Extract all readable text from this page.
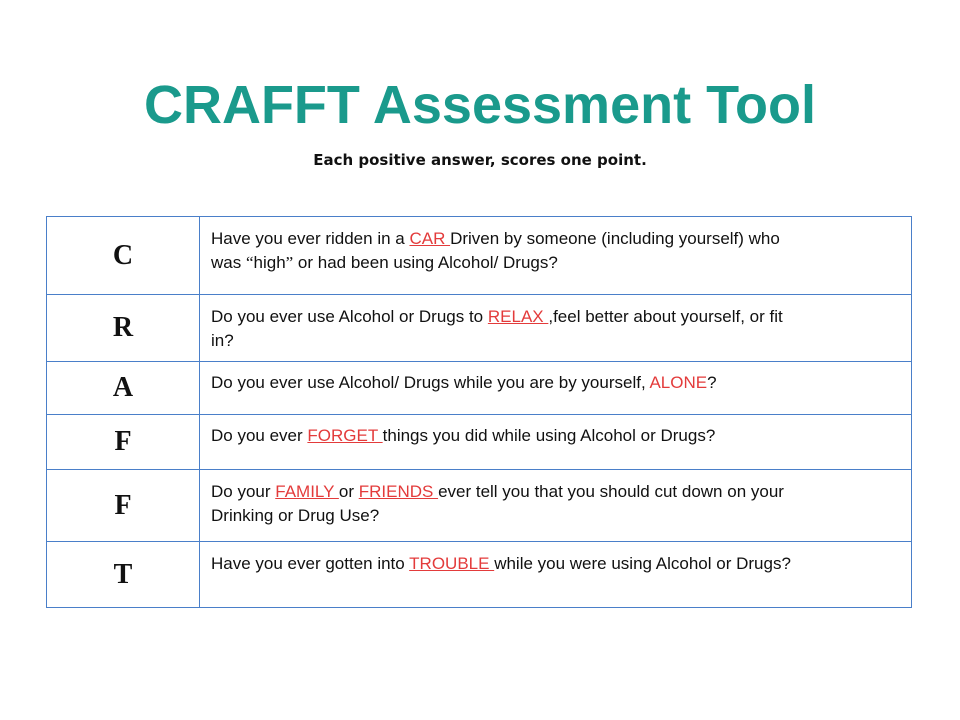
CRAFFT Assessment Tool

Each positive answer, scores one point.

C	Have you ever ridden in a CAR Driven by someone (including yourself) who was “high” or had been using Alcohol/ Drugs?
R	Do you ever use Alcohol or Drugs to RELAX ,feel better about yourself, or fit in?
A	Do you ever use Alcohol/ Drugs while you are by yourself, ALONE?
F	Do you ever FORGET things you did while using Alcohol or Drugs?
F	Do your FAMILY or FRIENDS ever tell you that you should cut down on your Drinking or Drug Use?
T	Have you ever gotten into TROUBLE while you were using Alcohol or Drugs?
